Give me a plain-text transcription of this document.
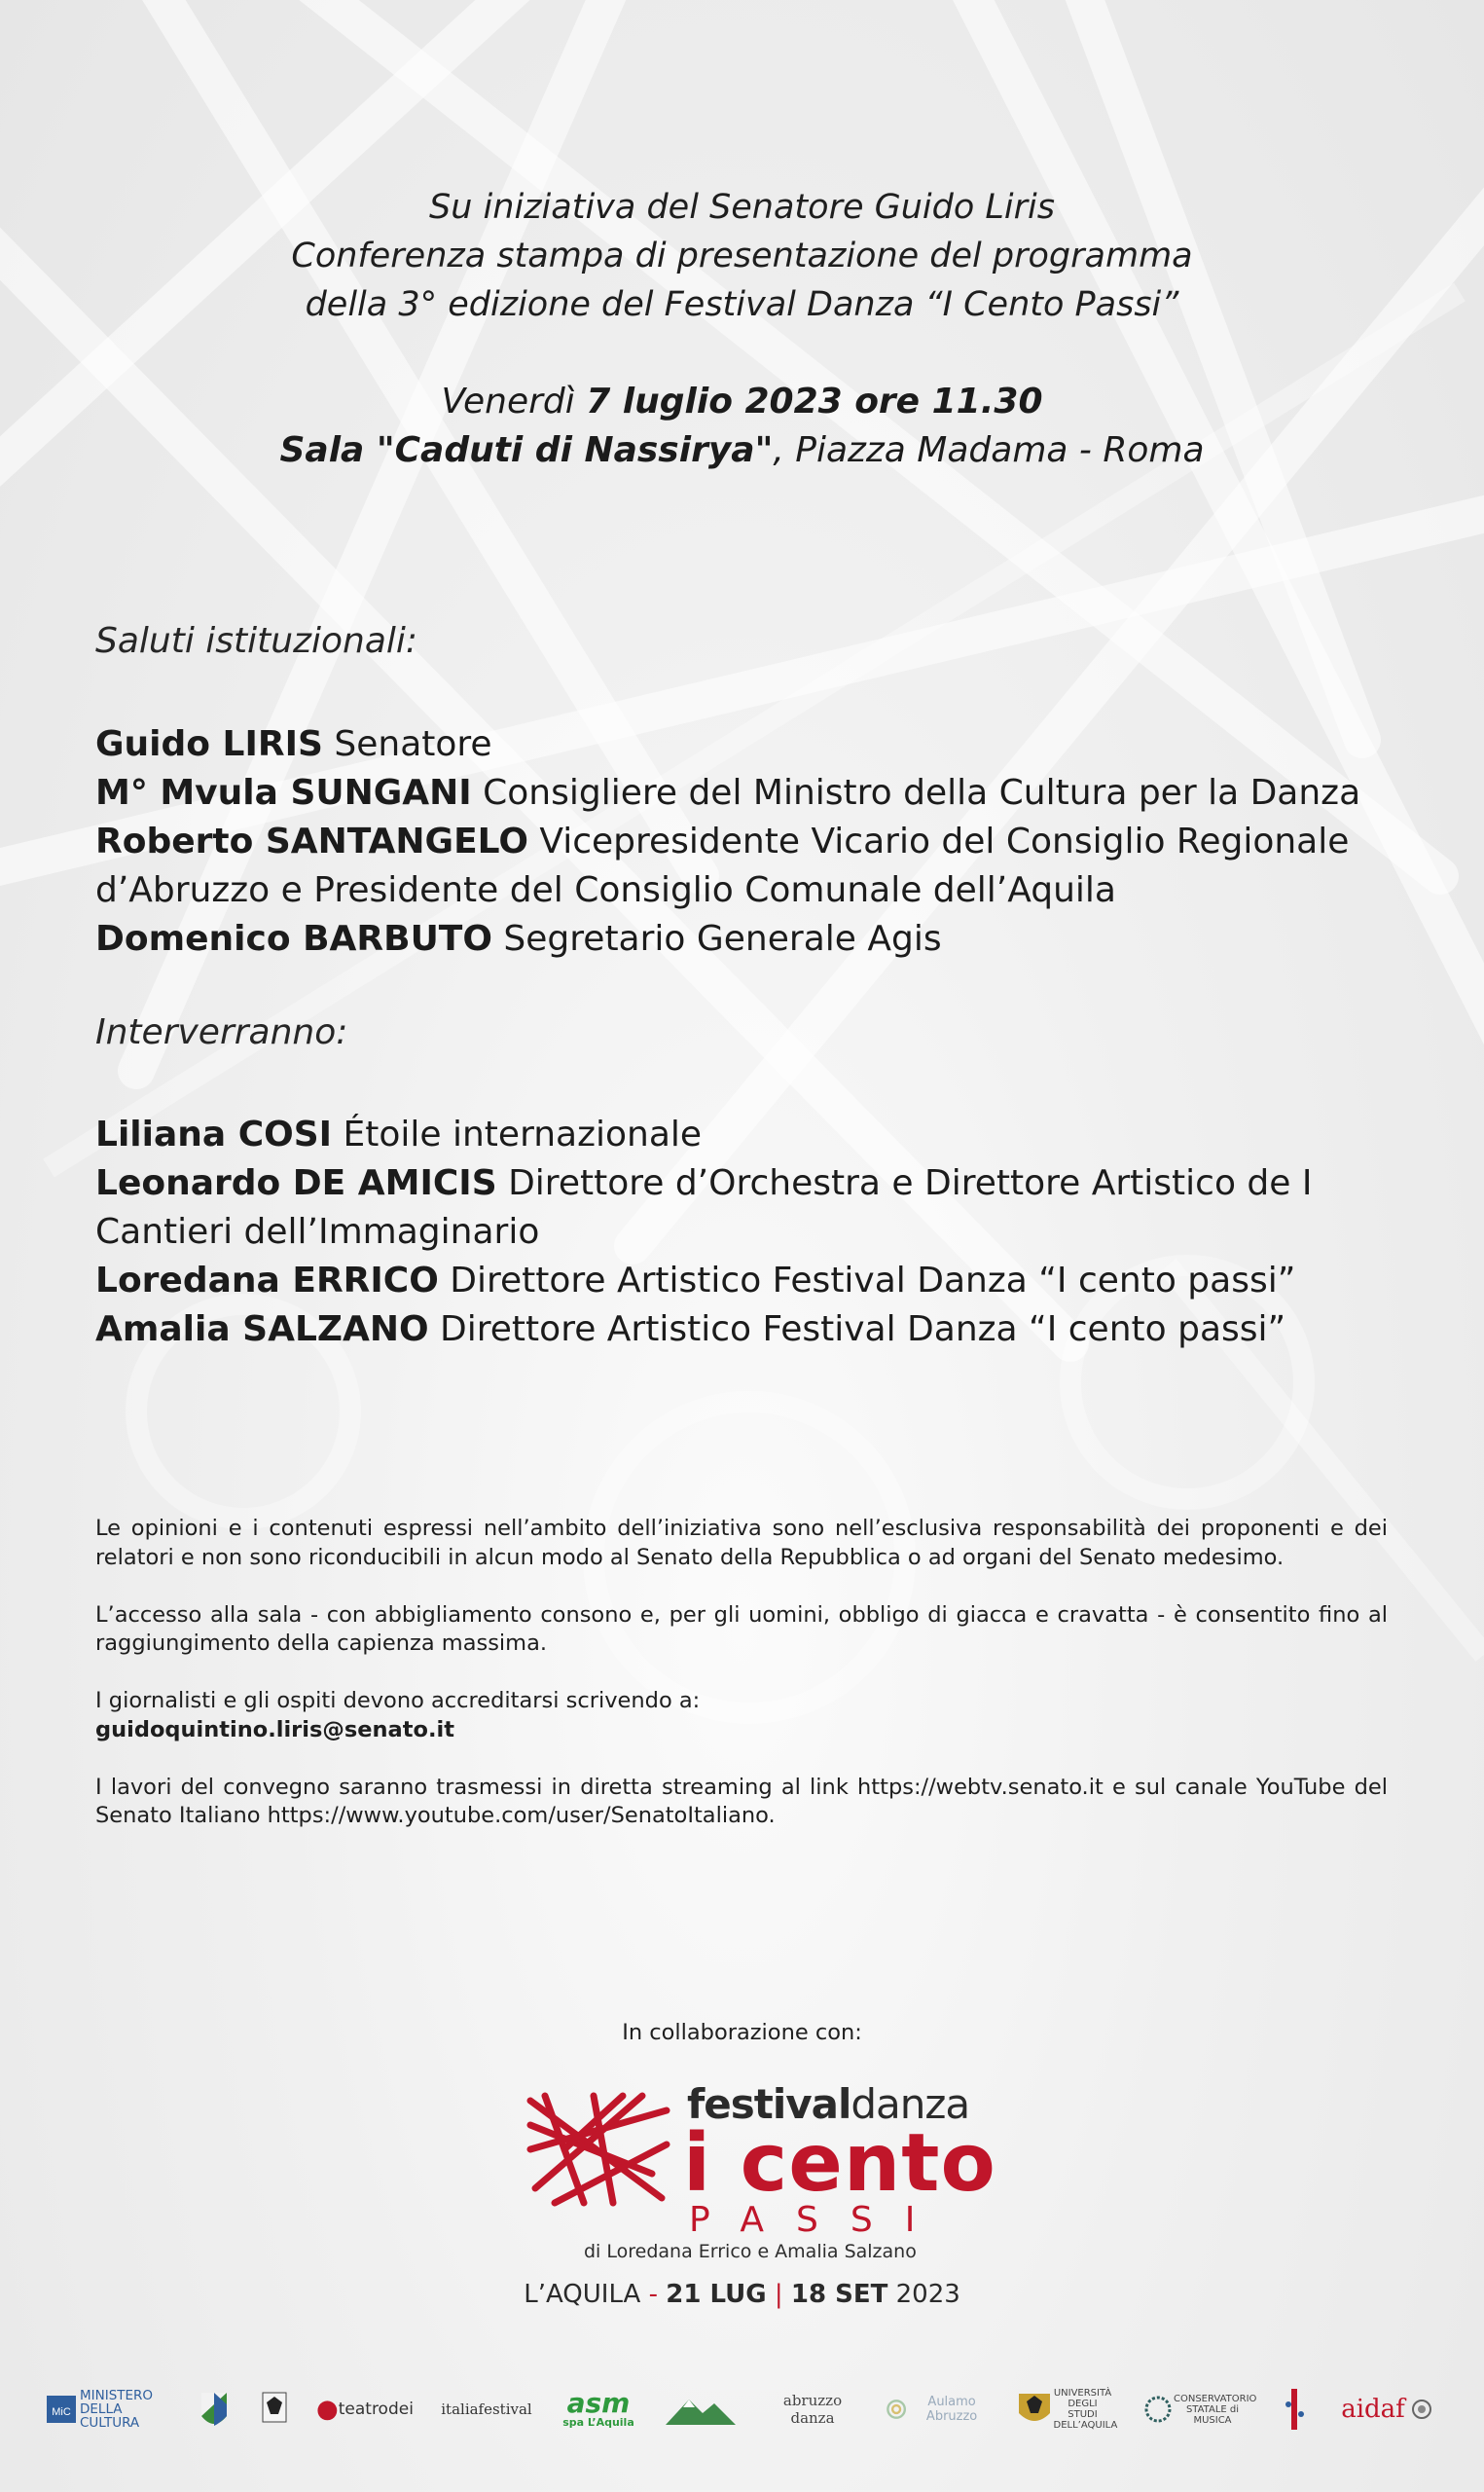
Su iniziativa del Senatore Guido Liris
Conferenza stampa di presentazione del programma
della 3° edizione del Festival Danza “I Cento Passi”
Venerdì 7 luglio 2023 ore 11.30
Sala "Caduti di Nassirya", Piazza Madama - Roma
Saluti istituzionali:
Guido LIRIS Senatore
M° Mvula SUNGANI Consigliere del Ministro della Cultura per la Danza
Roberto SANTANGELO Vicepresidente Vicario del Consiglio Regionale d’Abruzzo e Presidente del Consiglio Comunale dell’Aquila
Domenico BARBUTO Segretario Generale Agis
Interverranno:
Liliana COSI Étoile internazionale
Leonardo DE AMICIS Direttore d’Orchestra e Direttore Artistico de I Cantieri dell’Immaginario
Loredana ERRICO Direttore Artistico Festival Danza “I cento passi”
Amalia SALZANO Direttore Artistico Festival Danza “I cento passi”

Le opinioni e i contenuti espressi nell’ambito dell’iniziativa sono nell’esclusiva responsabilità dei proponenti e dei relatori e non sono riconducibili in alcun modo al Senato della Repubblica o ad organi del Senato medesimo.

L’accesso alla sala - con abbigliamento consono e, per gli uomini, obbligo di giacca e cravatta - è consentito fino al raggiungimento della capienza massima.

I giornalisti e gli ospiti devono accreditarsi scrivendo a:
guidoquintino.liris@senato.it

I lavori del convegno saranno trasmessi in diretta streaming al link https://webtv.senato.it e sul canale YouTube del Senato Italiano https://www.youtube.com/user/SenatoItaliano.

In collaborazione con:
festivaldanza
i cento
PASSI
di Loredana Errico e Amalia Salzano
L’AQUILA - 21 LUG | 18 SET 2023
MiC
MINISTERO
DELLA
CULTURA	● teatrodei italiafestival asm
spa L’Aquila
abruzzo danza
Aulamo Abruzzo
UNIVERSITÀ DEGLI STUDI DELL’AQUILA
CONSERVATORIO STATALE di MUSICA	aidaf
